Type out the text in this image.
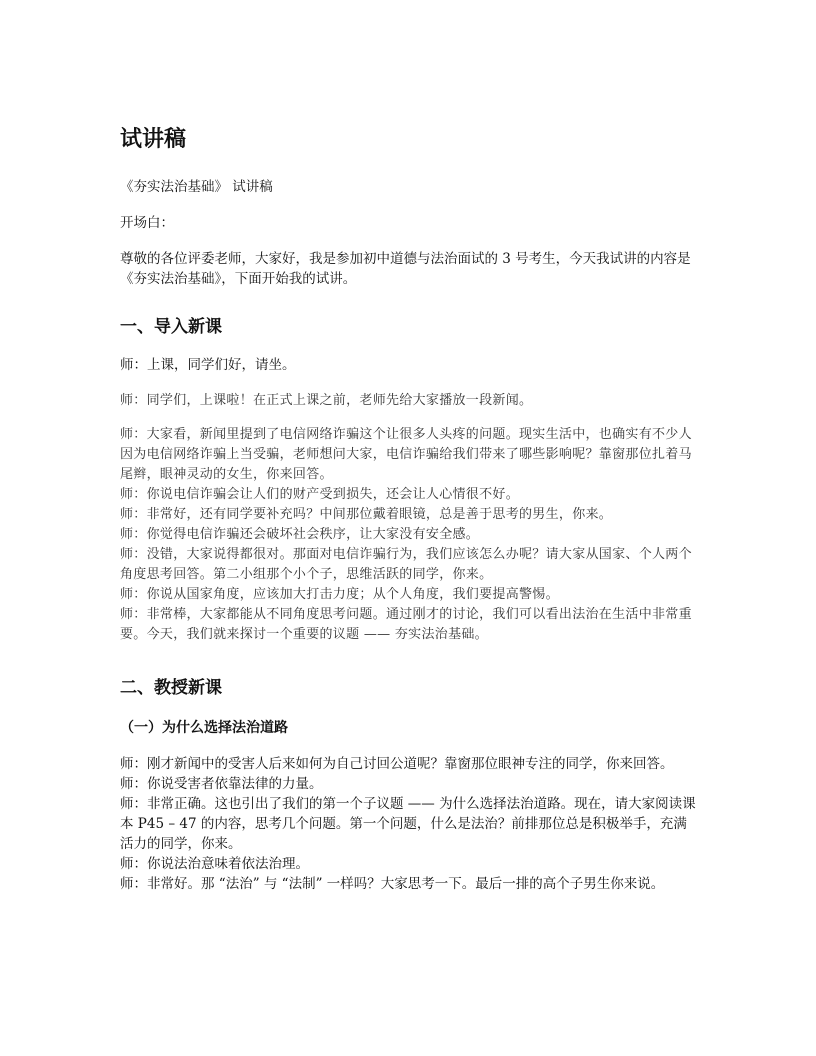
试讲稿
《夯实法治基础》 试讲稿
开场白：

尊敬的各位评委老师，大家好，我是参加初中道德与法治面试的 3 号考生，今天我试讲的内容是《夯实法治基础》，下面开始我的试讲。

一、导入新课
师：上课，同学们好，请坐。
师：同学们，上课啦！在正式上课之前，老师先给大家播放一段新闻。
师：大家看，新闻里提到了电信网络诈骗这个让很多人头疼的问题。现实生活中，也确实有不少人因为电信网络诈骗上当受骗，老师想问大家，电信诈骗给我们带来了哪些影响呢？靠窗那位扎着马尾辫，眼神灵动的女生，你来回答。
师：你说电信诈骗会让人们的财产受到损失，还会让人心情很不好。
师：非常好，还有同学要补充吗？中间那位戴着眼镜，总是善于思考的男生，你来。
师：你觉得电信诈骗还会破坏社会秩序，让大家没有安全感。
师：没错，大家说得都很对。那面对电信诈骗行为，我们应该怎么办呢？请大家从国家、个人两个角度思考回答。第二小组那个小个子，思维活跃的同学，你来。
师：你说从国家角度，应该加大打击力度；从个人角度，我们要提高警惕。
师：非常棒，大家都能从不同角度思考问题。通过刚才的讨论，我们可以看出法治在生活中非常重要。今天，我们就来探讨一个重要的议题 —— 夯实法治基础。
二、教授新课
（一）为什么选择法治道路
师：刚才新闻中的受害人后来如何为自己讨回公道呢？靠窗那位眼神专注的同学，你来回答。
师：你说受害者依靠法律的力量。
师：非常正确。这也引出了我们的第一个子议题 —— 为什么选择法治道路。现在，请大家阅读课本 P45 – 47 的内容，思考几个问题。第一个问题，什么是法治？前排那位总是积极举手，充满活力的同学，你来。
师：你说法治意味着依法治理。
师：非常好。那 “法治” 与 “法制” 一样吗？大家思考一下。最后一排的高个子男生你来说。
